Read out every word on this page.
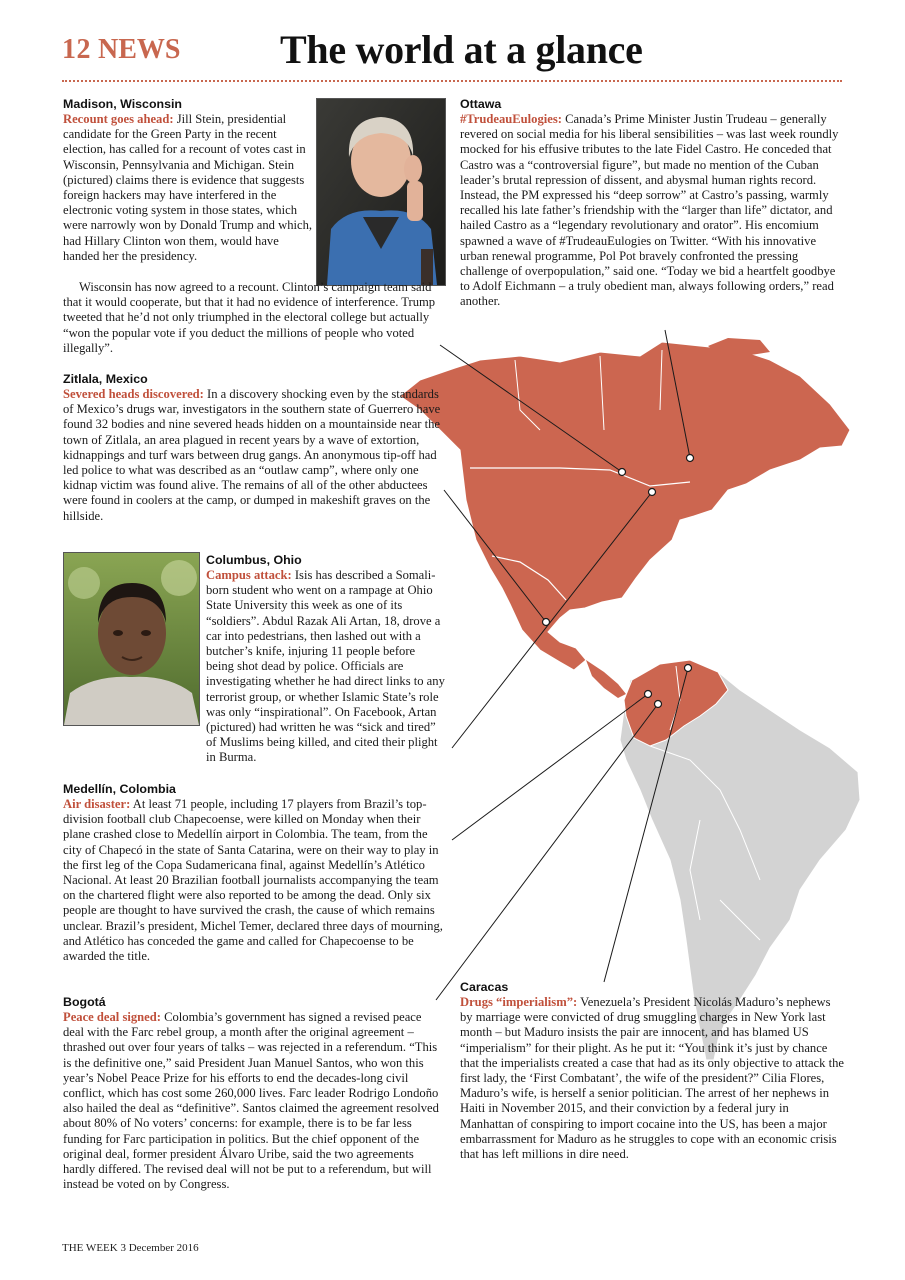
12 NEWS The world at a glance
Madison, Wisconsin

Recount goes ahead: Jill Stein, presidential candidate for the Green Party in the recent election, has called for a recount of votes cast in Wisconsin, Pennsylvania and Michigan. Stein (pictured) claims there is evidence that suggests foreign hackers may have interfered in the electronic voting system in those states, which were narrowly won by Donald Trump and which, had Hillary Clinton won them, would have handed her the presidency.

Wisconsin has now agreed to a recount. Clinton’s campaign team said that it would cooperate, but that it had no evidence of interference. Trump tweeted that he’d not only triumphed in the electoral college but actually “won the popular vote if you deduct the millions of people who voted illegally”.

Ottawa

#TrudeauEulogies: Canada’s Prime Minister Justin Trudeau – generally revered on social media for his liberal sensibilities – was last week roundly mocked for his effusive tributes to the late Fidel Castro. He conceded that Castro was a “controversial figure”, but made no mention of the Cuban leader’s brutal repression of dissent, and abysmal human rights record. Instead, the PM expressed his “deep sorrow” at Castro’s passing, warmly recalled his late father’s friendship with the “larger than life” dictator, and hailed Castro as a “legendary revolutionary and orator”. His encomium spawned a wave of #TrudeauEulogies on Twitter. “With his innovative urban renewal programme, Pol Pot bravely confronted the pressing challenge of overpopulation,” said one. “Today we bid a heartfelt goodbye to Adolf Eichmann – a truly obedient man, always following orders,” read another.

Zitlala, Mexico

Severed heads discovered: In a discovery shocking even by the standards of Mexico’s drugs war, investigators in the southern state of Guerrero have found 32 bodies and nine severed heads hidden on a mountainside near the town of Zitlala, an area plagued in recent years by a wave of extortion, kidnappings and turf wars between drug gangs. An anonymous tip-off had led police to what was described as an “outlaw camp”, where only one kidnap victim was found alive. The remains of all of the other abductees were found in coolers at the camp, or dumped in makeshift graves on the hillside.

Columbus, Ohio

Campus attack: Isis has described a Somali-born student who went on a rampage at Ohio State University this week as one of its “soldiers”. Abdul Razak Ali Artan, 18, drove a car into pedestrians, then lashed out with a butcher’s knife, injuring 11 people before being shot dead by police. Officials are investigating whether he had direct links to any terrorist group, or whether Islamic State’s role was only “inspirational”. On Facebook, Artan (pictured) had written he was “sick and tired” of Muslims being killed, and cited their plight in Burma.

Medellín, Colombia

Air disaster: At least 71 people, including 17 players from Brazil’s top-division football club Chapecoense, were killed on Monday when their plane crashed close to Medellín airport in Colombia. The team, from the city of Chapecó in the state of Santa Catarina, were on their way to play in the first leg of the Copa Sudamericana final, against Medellín’s Atlético Nacional. At least 20 Brazilian football journalists accompanying the team on the chartered flight were also reported to be among the dead. Only six people are thought to have survived the crash, the cause of which remains unclear. Brazil’s president, Michel Temer, declared three days of mourning, and Atlético has conceded the game and called for Chapecoense to be awarded the title.

Bogotá

Peace deal signed: Colombia’s government has signed a revised peace deal with the Farc rebel group, a month after the original agreement – thrashed out over four years of talks – was rejected in a referendum. “This is the definitive one,” said President Juan Manuel Santos, who won this year’s Nobel Peace Prize for his efforts to end the decades-long civil conflict, which has cost some 260,000 lives. Farc leader Rodrigo Londoño also hailed the deal as “definitive”. Santos claimed the agreement resolved about 80% of No voters’ concerns: for example, there is to be far less funding for Farc participation in politics. But the chief opponent of the original deal, former president Álvaro Uribe, said the two agreements hardly differed. The revised deal will not be put to a referendum, but will instead be voted on by Congress.

Caracas

Drugs “imperialism”: Venezuela’s President Nicolás Maduro’s nephews by marriage were convicted of drug smuggling charges in New York last month – but Maduro insists the pair are innocent, and has blamed US “imperialism” for their plight. As he put it: “You think it’s just by chance that the imperialists created a case that had as its only objective to attack the first lady, the ‘First Combatant’, the wife of the president?” Cilia Flores, Maduro’s wife, is herself a senior politician. The arrest of her nephews in Haiti in November 2015, and their conviction by a federal jury in Manhattan of conspiring to import cocaine into the US, has been a major embarrassment for Maduro as he struggles to cope with an economic crisis that has left millions in dire need.

THE WEEK 3 December 2016
